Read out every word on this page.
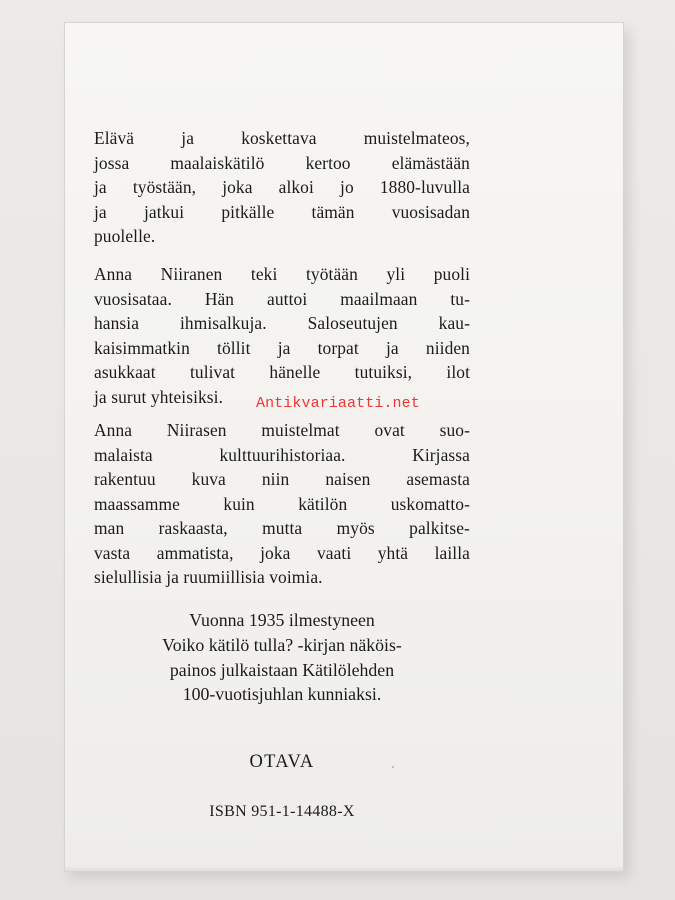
Elävä	ja	koskettava	muistelmateos,
jossa maalaiskätilö kertoo elämästään
ja työstään, joka alkoi jo 1880-luvulla
ja jatkui pitkälle tämän vuosisadan
puolelle.
Anna Niiranen teki työtään yli puoli
vuosisataa. Hän auttoi maailmaan tu-
hansia ihmisalkuja. Saloseutujen kau-
kaisimmatkin töllit ja torpat ja niiden
asukkaat tulivat hänelle tutuiksi, ilot
ja surut yhteisiksi.
Anna Niirasen muistelmat ovat suo-
malaista	kulttuurihistoriaa.	Kirjassa
rakentuu kuva niin naisen asemasta
maassamme	kuin	kätilön	uskomatto-
man raskaasta, mutta myös palkitse-
vasta ammatista, joka vaati yhtä lailla
sielullisia ja ruumiillisia voimia.
Vuonna 1935 ilmestyneen
Voiko kätilö tulla? -kirjan näköis-
painos julkaistaan Kätilölehden
100-vuotisjuhlan kunniaksi.
OTAVA
ISBN 951-1-14488-X
Antikvariaatti.net
